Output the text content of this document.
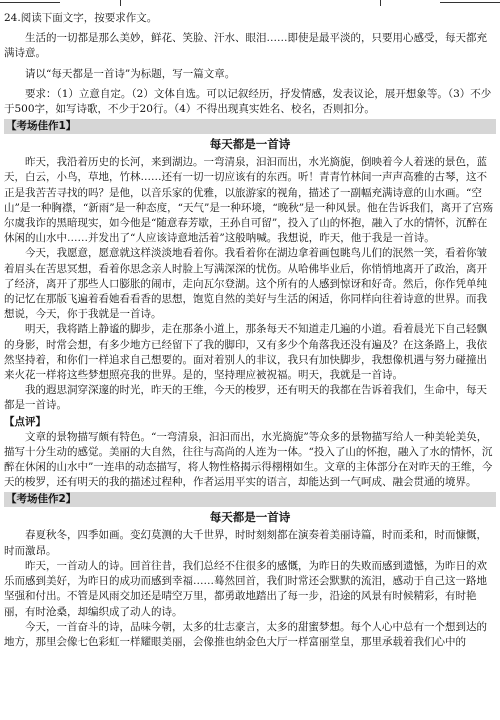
24.阅读下面文字，按要求作文。

生活的一切都是那么美妙，鲜花、笑脸、汗水、眼泪……即使是最平淡的，只要用心感受，每天都充满诗意。

请以“每天都是一首诗”为标题，写一篇文章。

要求：（1）立意自定。（2）文体自选。可以记叙经历，抒发情感，发表议论，展开想象等。（3）不少于500字，如写诗歌，不少于20行。（4）不得出现真实姓名、校名，否则扣分。

【考场佳作1】
每天都是一首诗

昨天，我沿着历史的长河，来到湖边。一弯清泉，汩汩而出，水光旖旎，倒映着今人着迷的景色，蓝天，白云，小鸟，草地，竹林……还有一切一切应该有的东西。听！青青竹林间一声声高雅的古琴，这不正是我苦苦寻找的吗？是他，以音乐家的优雅，以旅游家的视角，描述了一副幅充满诗意的山水画。“空山”是一种胸襟，“新雨”是一种态度，“天气”是一种环境，“晚秋”是一种风景。他在告诉我们，离开了宫殇尔虞我诈的黑暗现实，如今他是“随意春芳歇，王孙自可留”，投入了山的怀抱，融入了水的情怀，沉醉在休闲的山水中……并发出了“人应该诗意地活着”这般呐喊。我想说，昨天，他于我是一首诗。

今天，我愿意，愿意就这样淡淡地看着你。我看着你在湖边拿着画包眺鸟儿们的泯然一笑，看着你皱着眉头在苦思冥想，看着你思念亲人时脸上写满深深的忧伤。从哈佛毕业后，你悄悄地离开了政治，离开了经济，离开了那些人口膨胀的闹市，走向瓦尔登湖。这个所有的人感到惊讶和好奇。然后，你作凭单纯的记忆在那版飞遍着看她看看香的思想，饱览自然的美好与生活的闲适，你同样向往着诗意的世界。而我想说，今天，你于我就是一首诗。

明天，我将踏上静谧的脚步，走在那条小道上，那条每天不知道走几遍的小道。看着晨光下自己轻飘的身影，时常会想，有多少地方已经留下了我的脚印，又有多少个角落我还没有遍及？在这条路上，我依然坚持着，和你们一样追求自己想要的。面对着别人的非议，我只有加快脚步，我想像机遇与努力碰撞出来火花一样将这些梦想照亮我的世界。是的，坚持理应被祝福。明天，我就是一首诗。

我的遐思洞穿深邃的时光，昨天的王维，今天的梭罗，还有明天的我都在告诉着我们，生命中，每天都是一首诗。

【点评】

文章的景物描写颇有特色。“一弯清泉，汩汩而出，水光旖旎”等众多的景物描写给人一种美轮美奂，描写十分生动的感觉。美丽的大自然，往往与高尚的人连为一体。“投入了山的怀抱，融入了水的情怀，沉醉在休闲的山水中”一连串的动态描写，将人物性格揭示得栩栩如生。文章的主体部分在对昨天的王维，今天的梭罗，还有明天的我的描述过程种，作者运用平实的语言，却能达到一气呵成、融会贯通的境界。

【考场佳作2】
每天都是一首诗

春夏秋冬，四季如画。变幻莫测的大千世界，时时刻刻都在演奏着美丽诗篇，时而柔和，时而慷慨，时而激昂。

昨天，一首动人的诗。回首往昔，我们总经不住很多的感慨，为昨日的失败而感到遗憾，为昨日的欢乐而感到美好，为昨日的成功而感到幸福……蓦然回首，我们时常还会默默的流泪，感动于自己这一路地坚强和付出。不管是风雨交加还是晴空万里，都勇敢地踏出了每一步，沿途的风景有时候精彩，有时艳丽，有时沧桑，却编织成了动人的诗。

今天，一首奋斗的诗，品味今朝，太多的壮志豪言，太多的甜蜜梦想。每个人心中总有一个想到达的地方，那里会像七色彩虹一样耀眼美丽，会像推也纳金色大厅一样富丽堂皇，那里承载着我们心中的
